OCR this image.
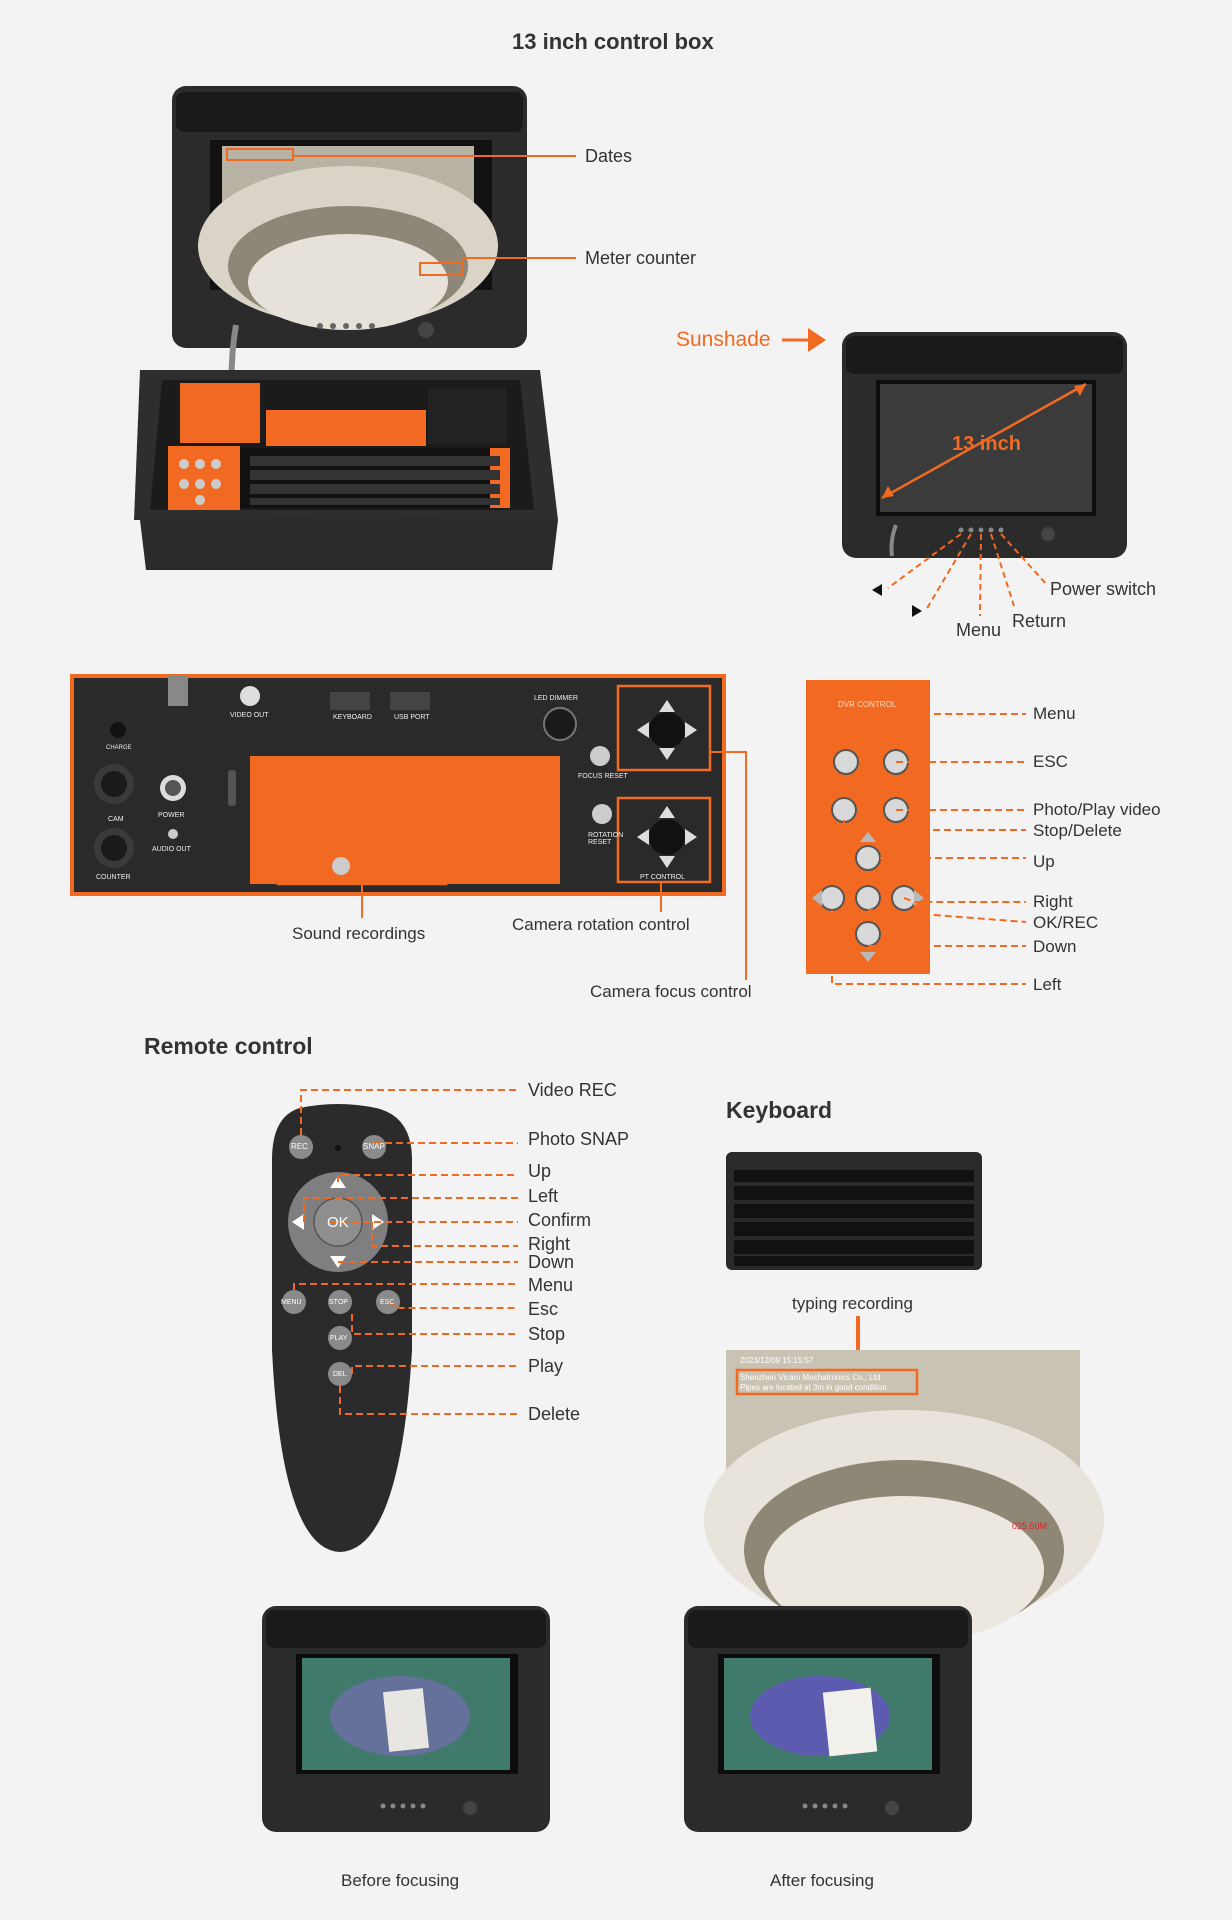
13 inch control box
Dates
Meter counter
Sunshade
13 inch
Power switch
Return
Menu
VIDEO OUT	KEYBOARD	USB PORT
LED DIMMER
FOCUS RESET
ROTATION RESET
PT CONTROL
CHARGE
CAM
POWER
AUDIO OUT
COUNTER
Sound recordings	Camera rotation control
Camera focus control
DVR CONTROL	Menu
ESC
Photo/Play video
Stop/Delete
Up
Right
OK/REC
Down
Left
Remote control
REC	SNAP
OK
MENU	STOP	ESC
PLAY
DEL
Video REC
Photo SNAP
Up
Left
Confirm
Right
Down
Menu
Esc
Stop
Play
Delete
Keyboard
typing recording
2023/12/09 15:15:57
Shenzhen Vicam Mechatronics Co., Ltd.
Pipes are located at 3m in good condition
025.50M
Before focusing	After focusing
